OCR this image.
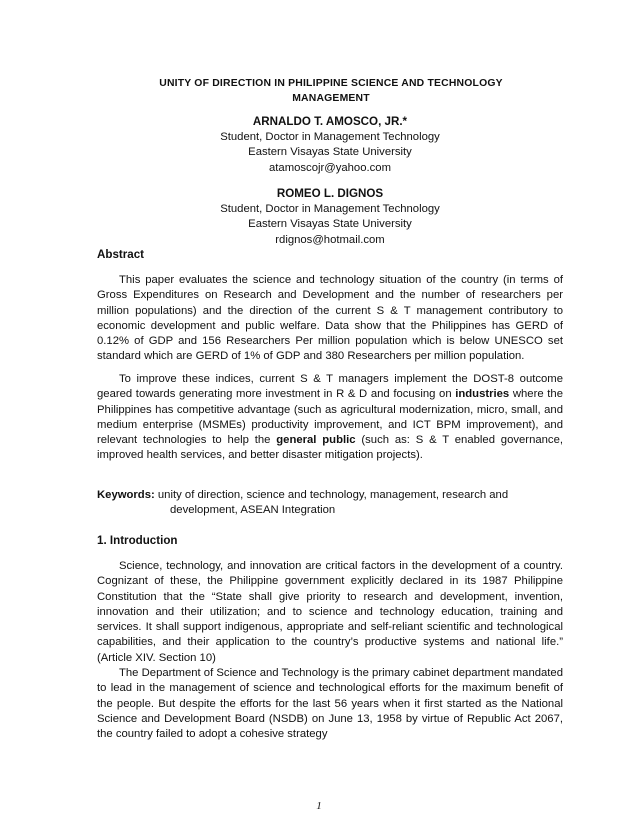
UNITY OF DIRECTION IN PHILIPPINE SCIENCE AND TECHNOLOGY
MANAGEMENT
ARNALDO T. AMOSCO, JR.*
Student, Doctor in Management Technology
Eastern Visayas State University
atamoscojr@yahoo.com
ROMEO L. DIGNOS
Student, Doctor in Management Technology
Eastern Visayas State University
rdignos@hotmail.com
Abstract

This paper evaluates the science and technology situation of the country (in terms of Gross Expenditures on Research and Development and the number of researchers per million populations) and the direction of the current S & T management contributory to economic development and public welfare. Data show that the Philippines has GERD of 0.12% of GDP and 156 Researchers Per million population which is below UNESCO set standard which are GERD of 1% of GDP and 380 Researchers per million population.

To improve these indices, current S & T managers implement the DOST-8 outcome geared towards generating more investment in R & D and focusing on industries where the Philippines has competitive advantage (such as agricultural modernization, micro, small, and medium enterprise (MSMEs) productivity improvement, and ICT BPM improvement), and relevant technologies to help the general public (such as: S & T enabled governance, improved health services, and better disaster mitigation projects).

Keywords: unity of direction, science and technology, management, research and
development, ASEAN Integration
1. Introduction

Science, technology, and innovation are critical factors in the development of a country. Cognizant of these, the Philippine government explicitly declared in its 1987 Philippine Constitution that the “State shall give priority to research and development, invention, innovation and their utilization; and to science and technology education, training and services. It shall support indigenous, appropriate and self-reliant scientific and technological capabilities, and their application to the country’s productive systems and national life.” (Article XIV. Section 10)

The Department of Science and Technology is the primary cabinet department mandated to lead in the management of science and technological efforts for the maximum benefit of the people. But despite the efforts for the last 56 years when it first started as the National Science and Development Board (NSDB) on June 13, 1958 by virtue of Republic Act 2067, the country failed to adopt a cohesive strategy

1
